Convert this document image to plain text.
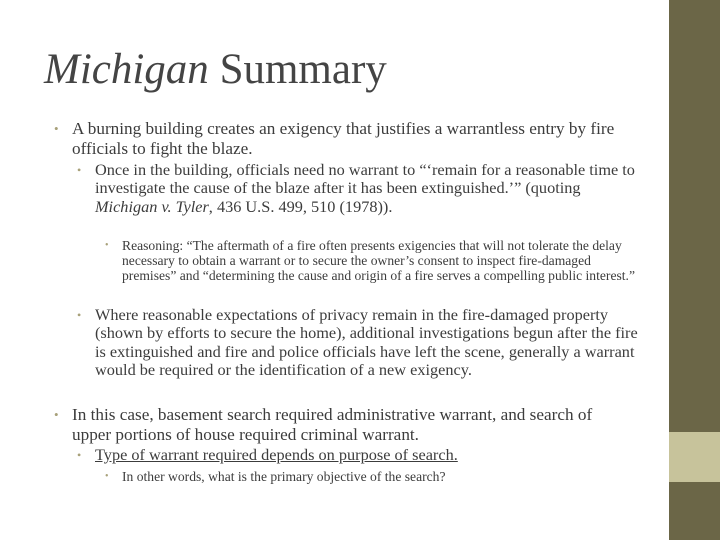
Michigan Summary

• A burning building creates an exigency that justifies a warrantless entry by fire officials to fight the blaze.

• Once in the building, officials need no warrant to “‘remain for a reasonable time to investigate the cause of the blaze after it has been extinguished.’” (quoting Michigan v. Tyler, 436 U.S. 499, 510 (1978)).

• Reasoning: “The aftermath of a fire often presents exigencies that will not tolerate the delay necessary to obtain a warrant or to secure the owner’s consent to inspect fire-damaged premises” and “determining the cause and origin of a fire serves a compelling public interest.”

• Where reasonable expectations of privacy remain in the fire-damaged property (shown by efforts to secure the home), additional investigations begun after the fire is extinguished and fire and police officials have left the scene, generally a warrant would be required or the identification of a new exigency.

• In this case, basement search required administrative warrant, and search of upper portions of house required criminal warrant.

• Type of warrant required depends on purpose of search.

• In other words, what is the primary objective of the search?
